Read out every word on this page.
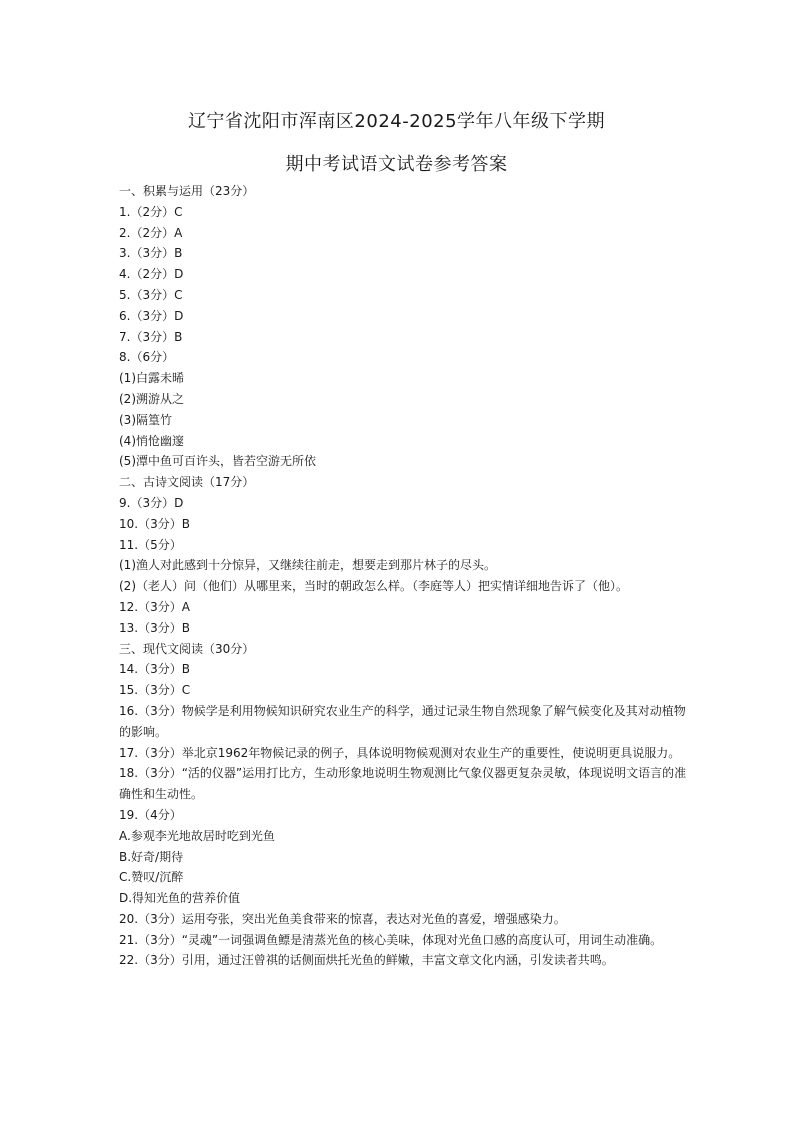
辽宁省沈阳市浑南区2024-2025学年八年级下学期
期中考试语文试卷参考答案
一、积累与运用（23分）
1.（2分）C
2.（2分）A
3.（3分）B
4.（2分）D
5.（3分）C
6.（3分）D
7.（3分）B
8.（6分）
(1)白露未晞
(2)溯游从之
(3)隔篁竹
(4)悄怆幽邃
(5)潭中鱼可百许头，皆若空游无所依
二、古诗文阅读（17分）
9.（3分）D
10.（3分）B
11.（5分）
(1)渔人对此感到十分惊异，又继续往前走，想要走到那片林子的尽头。
(2)（老人）问（他们）从哪里来，当时的朝政怎么样。（李庭等人）把实情详细地告诉了（他）。
12.（3分）A
13.（3分）B
三、现代文阅读（30分）
14.（3分）B
15.（3分）C
16.（3分）物候学是利用物候知识研究农业生产的科学，通过记录生物自然现象了解气候变化及其对动植物的影响。
17.（3分）举北京1962年物候记录的例子，具体说明物候观测对农业生产的重要性，使说明更具说服力。
18.（3分）“活的仪器”运用打比方，生动形象地说明生物观测比气象仪器更复杂灵敏，体现说明文语言的准确性和生动性。
19.（4分）
A.参观李光地故居时吃到光鱼
B.好奇/期待
C.赞叹/沉醉
D.得知光鱼的营养价值
20.（3分）运用夸张，突出光鱼美食带来的惊喜，表达对光鱼的喜爱，增强感染力。
21.（3分）“灵魂”一词强调鱼鳔是清蒸光鱼的核心美味，体现对光鱼口感的高度认可，用词生动准确。
22.（3分）引用，通过汪曾祺的话侧面烘托光鱼的鲜嫩，丰富文章文化内涵，引发读者共鸣。
